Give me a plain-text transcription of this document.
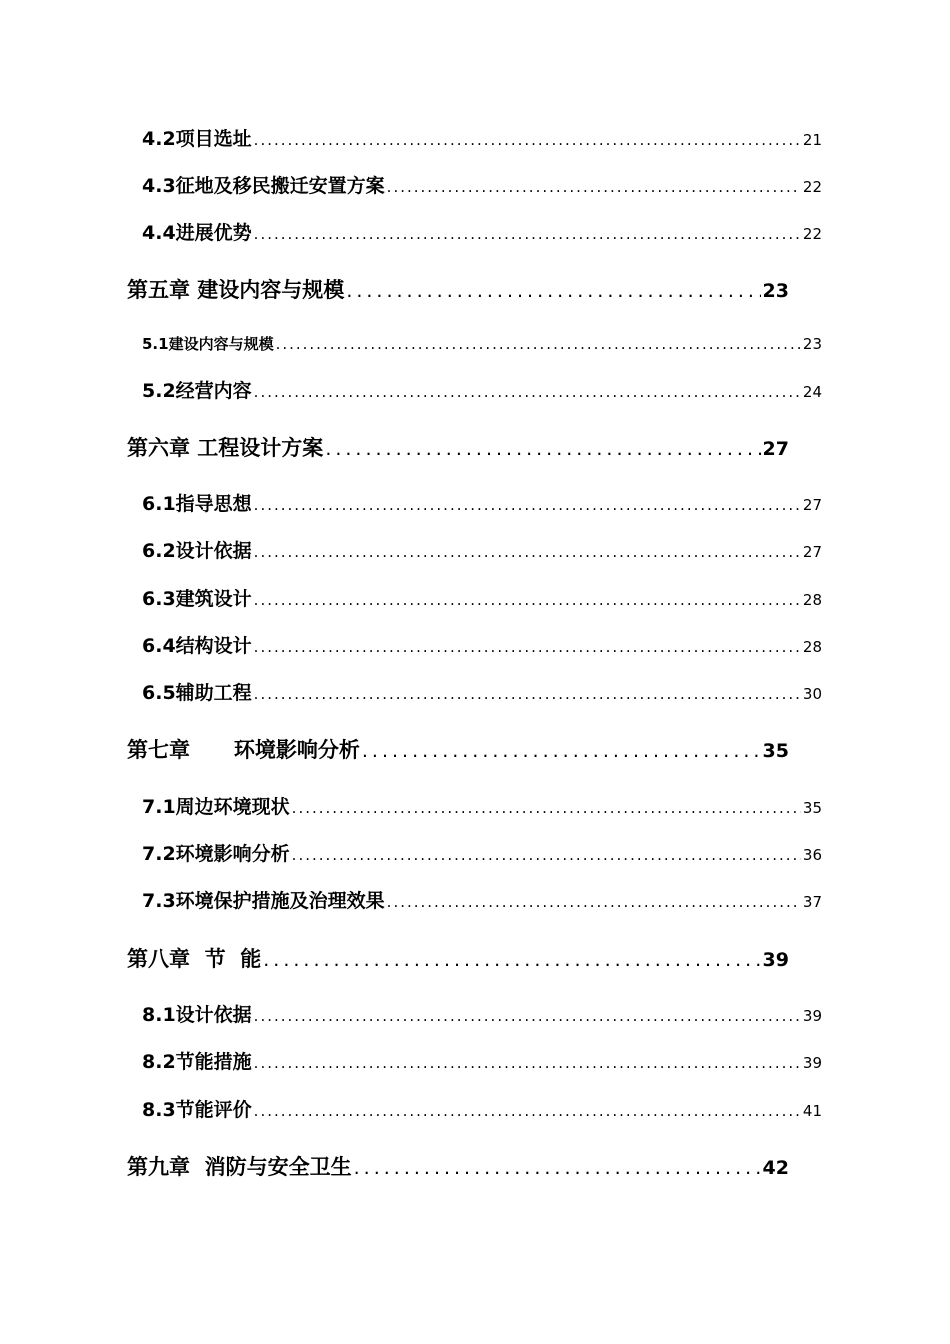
4.2项目选址 .....	21
4.3征地及移民搬迁安置方案 .....	22
4.4进展优势 .....	22
第五章 建设内容与规模 .....	23
5.1建设内容与规模 .....	23
5.2经营内容 .....	24
第六章 工程设计方案 .....	27
6.1指导思想 .....	27
6.2设计依据 .....	27
6.3建筑设计 .....	28
6.4结构设计 .....	28
6.5辅助工程 .....	30
第七章      环境影响分析 .....	35
7.1周边环境现状 .....	35
7.2环境影响分析 .....	36
7.3环境保护措施及治理效果 .....	37
第八章  节  能 .....	39
8.1设计依据 .....	39
8.2节能措施 .....	39
8.3节能评价 .....	41
第九章  消防与安全卫生 .....	42
